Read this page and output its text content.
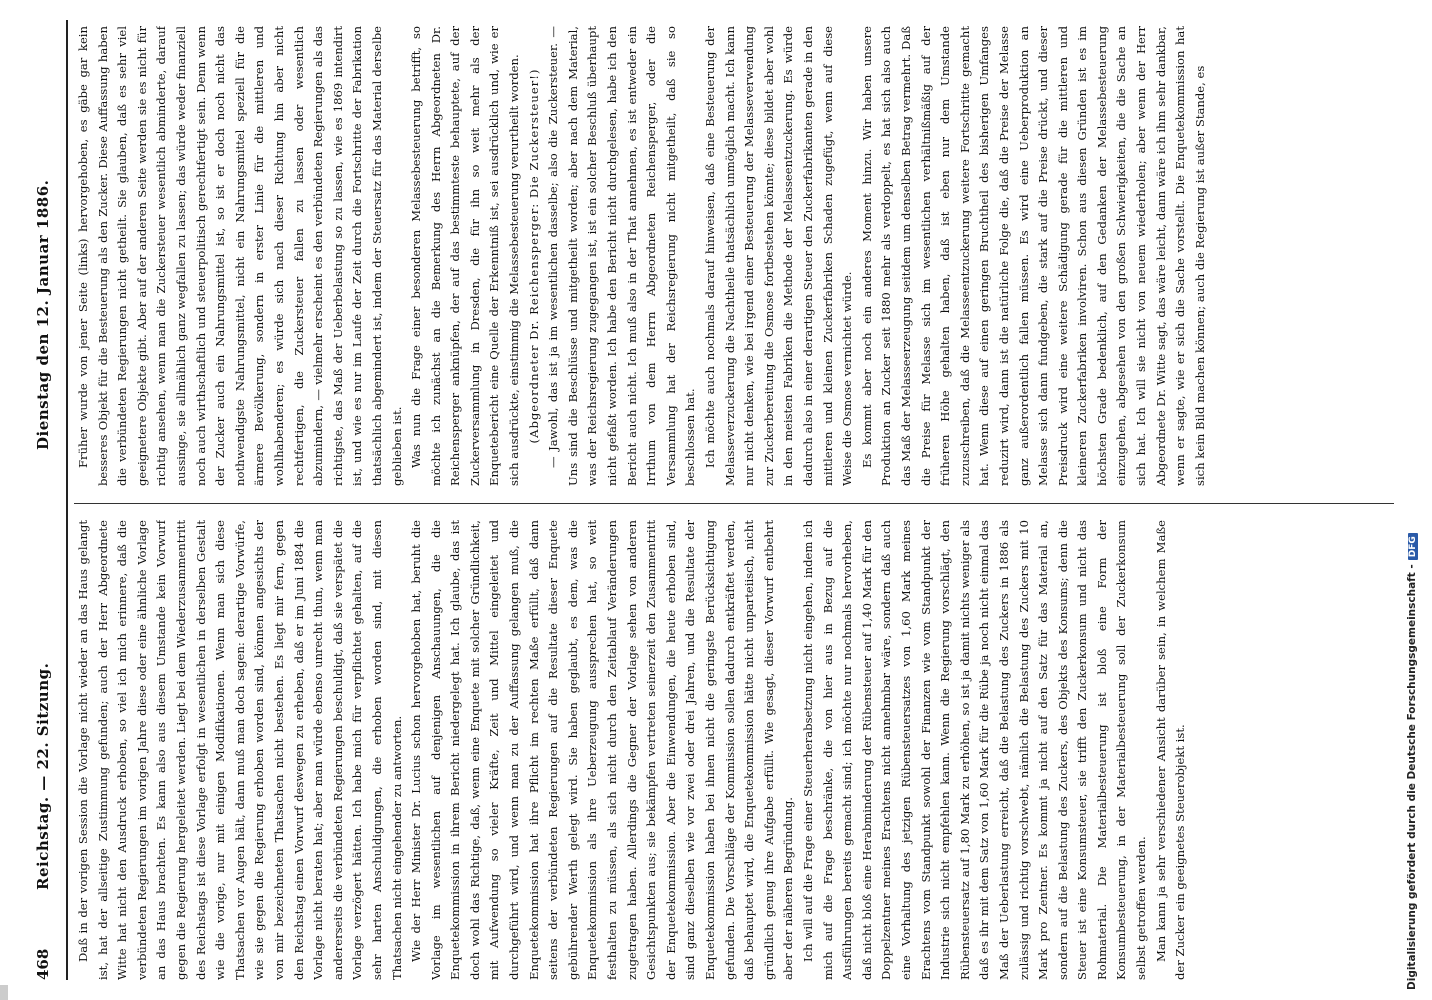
468
Reichstag. — 22. Sitzung.
Dienstag den 12. Januar 1886.

Daß in der vorigen Session die Vorlage nicht wieder an das Haus gelangt ist, hat der allseitige Zustimmung gefunden; auch der Herr Abgeordnete Witte hat nicht den Ausdruck erhoben, so viel ich mich erinnere, daß die verbündeten Regierungen im vorigen Jahre diese oder eine ähnliche Vorlage an das Haus brachten. Es kann also aus diesem Umstande kein Vorwurf gegen die Regierung hergeleitet werden. Liegt bei dem Wiederzusammentritt des Reichstags ist diese Vorlage erfolgt in wesentlichen in derselben Gestalt wie die vorige, nur mit einigen Modifikationen. Wenn man sich diese Thatsachen vor Augen hält, dann muß man doch sagen: derartige Vorwürfe, wie sie gegen die Regierung erhoben worden sind, können angesichts der von mir bezeichneten Thatsachen nicht bestehen. Es liegt mir fern, gegen den Reichstag einen Vorwurf deswegen zu erheben, daß er im Juni 1884 die Vorlage nicht beraten hat; aber man würde ebenso unrecht thun, wenn man andererseits die verbündeten Regierungen beschuldigt, daß sie verspätet die Vorlage verzögert hätten. Ich habe mich für verpflichtet gehalten, auf die sehr harten Anschuldigungen, die erhoben worden sind, mit diesen Thatsachen nicht eingehender zu antworten. Wie der Herr Minister Dr. Lucius schon hervorgehoben hat, beruht die Vorlage im wesentlichen auf denjenigen Anschauungen, die die Enquetekommission in ihrem Bericht niedergelegt hat. Ich glaube, das ist doch wohl das Richtige, daß, wenn eine Enquete mit solcher Gründlichkeit, mit Aufwendung so vieler Kräfte, Zeit und Mittel eingeleitet und durchgeführt wird, und wenn man zu der Auffassung gelangen muß, die Enquetekommission hat ihre Pflicht im rechten Maße erfüllt, daß dann seitens der verbündeten Regierungen auf die Resultate dieser Enquete gebührender Werth gelegt wird. Sie haben geglaubt, es dem, was die Enquetekommission als ihre Ueberzeugung aussprechen hat, so weit festhalten zu müssen, als sich nicht durch den Zeitablauf Veränderungen zugetragen haben. Allerdings die Gegner der Vorlage sehen von anderen Gesichtspunkten aus; sie bekämpfen vertreten seinerzeit den Zusammentritt der Enquetekommission. Aber die Einwendungen, die heute erhoben sind, sind ganz dieselben wie vor zwei oder drei Jahren, und die Resultate der Enquetekommission haben bei ihnen nicht die geringste Berücksichtigung gefunden. Die Vorschläge der Kommission sollen dadurch entkräftet werden, daß behauptet wird, die Enquetekommission hätte nicht unparteiisch, nicht gründlich genug ihre Aufgabe erfüllt. Wie gesagt, dieser Vorwurf entbehrt aber der näheren Begründung. Ich will auf die Frage einer Steuerherabsetzung nicht eingehen, indem ich mich auf die Frage beschränke, die von hier aus in Bezug auf die Ausführungen bereits gemacht sind; ich möchte nur nochmals hervorheben, daß nicht bloß eine Herabminderung der Rübensteuer auf 1,40 Mark für den Doppelzentner meines Erachtens nicht annehmbar wäre, sondern daß auch eine Vorhaltung des jetzigen Rübensteuersatzes von 1,60 Mark meines Erachtens vom Standpunkt sowohl der Finanzen wie vom Standpunkt der Industrie sich nicht empfehlen kann. Wenn die Regierung vorschlägt, den Rübensteuersatz auf 1,80 Mark zu erhöhen, so ist ja damit nichts weniger als daß es ihr mit dem Satz von 1,60 Mark für die Rübe ja noch nicht einmal das Maß der Ueberlastung erreicht, daß die Belastung des Zuckers in 1886 als zulässig und richtig vorschwebt, nämlich die Belastung des Zuckers mit 10 Mark pro Zentner. Es kommt ja nicht auf den Satz für das Material an, sondern auf die Belastung des Zuckers, des Objekts des Konsums; denn die Steuer ist eine Konsumsteuer, sie trifft den Zuckerkonsum und nicht das Rohmaterial. Die Materialbesteuerung ist bloß eine Form der Konsumbesteuerung, in der Materialbesteuerung soll der Zuckerkonsum selbst getroffen werden. Man kann ja sehr verschiedener Ansicht darüber sein, in welchem Maße der Zucker ein geeignetes Steuerobjekt ist.

Früher wurde von jener Seite (links) hervorgehoben, es gäbe gar kein besseres Objekt für die Besteuerung als den Zucker. Diese Auffassung haben die verbündeten Regierungen nicht getheilt. Sie glauben, daß es sehr viel geeignetere Objekte gibt. Aber auf der anderen Seite werden sie es nicht für richtig ansehen, wenn man die Zuckersteuer wesentlich abminderte, darauf aussinge, sie allmählich ganz wegfallen zu lassen; das würde weder finanziell noch auch wirthschaftlich und steuerpolitisch gerechtfertigt sein. Denn wenn der Zucker auch ein Nahrungsmittel ist, so ist er doch noch nicht das nothwendigste Nahrungsmittel, nicht ein Nahrungsmittel speziell für die ärmere Bevölkerung, sondern in erster Linie für die mittleren und wohlhabenderen; es würde sich nach dieser Richtung hin aber nicht rechtfertigen, die Zuckersteuer fallen zu lassen oder wesentlich abzumindern, — vielmehr erscheint es den verbündeten Regierungen als das richtigste, das Maß der Ueberbelastung so zu lassen, wie es 1869 intendirt ist, und wie es nur im Laufe der Zeit durch die Fortschritte der Fabrikation thatsächlich abgemindert ist, indem der Steuersatz für das Material derselbe geblieben ist. Was nun die Frage einer besonderen Melassebesteuerung betrifft, so möchte ich zunächst an die Bemerkung des Herrn Abgeordneten Dr. Reichensperger anknüpfen, der auf das bestimmteste behauptete, auf der Zuckerversammlung in Dresden, die für ihn so weit mehr als der Enquetebericht eine Quelle der Erkenntniß ist, sei ausdrücklich und, wie er sich ausdrückte, einstimmig die Melassebesteuerung verurtheilt worden. (Abgeordneter Dr. Reichensperger: Die Zuckersteuer!) — Jawohl, das ist ja im wesentlichen dasselbe; also die Zuckersteuer. — Uns sind die Beschlüsse und mitgetheilt worden; aber nach dem Material, was der Reichsregierung zugegangen ist, ist ein solcher Beschluß überhaupt nicht gefaßt worden. Ich habe den Bericht nicht durchgelesen, habe ich den Bericht auch nicht. Ich muß also in der That annehmen, es ist entweder ein Irrthum von dem Herrn Abgeordneten Reichensperger, oder die Versammlung hat der Reichsregierung nicht mitgetheilt, daß sie so beschlossen hat. Ich möchte auch nochmals darauf hinweisen, daß eine Besteuerung der Melasseverzuckerung die Nachtheile thatsächlich unmöglich macht. Ich kann nur nicht denken, wie bei irgend einer Besteuerung der Melasseverwendung zur Zuckerbereitung die Osmose fortbestehen könnte; diese bildet aber wohl in den meisten Fabriken die Methode der Melasseentzuckerung. Es würde dadurch also in einer derartigen Steuer den Zuckerfabrikanten gerade in den mittleren und kleinen Zuckerfabriken Schaden zugefügt, wenn auf diese Weise die Osmose vernichtet würde. Es kommt aber noch ein anderes Moment hinzu. Wir haben unsere Produktion an Zucker seit 1880 mehr als verdoppelt, es hat sich also auch das Maß der Melasseerzeugung seitdem um denselben Betrag vermehrt. Daß die Preise für Melasse sich im wesentlichen verhältnißmäßig auf der früheren Höhe gehalten haben, daß ist eben nur dem Umstande zuzuschreiben, daß die Melasseentzuckerung weitere Fortschritte gemacht hat. Wenn diese auf einen geringen Bruchtheil des bisherigen Umfanges reduzirt wird, dann ist die natürliche Folge die, daß die Preise der Melasse ganz außerordentlich fallen müssen. Es wird eine Ueberproduktion an Melasse sich dann fundgeben, die stark auf die Preise drückt, und dieser Preisdruck wird eine weitere Schädigung gerade für die mittleren und kleineren Zuckerfabriken involviren. Schon aus diesen Gründen ist es im höchsten Grade bedenklich, auf den Gedanken der Melassebesteuerung einzugehen, abgesehen von den großen Schwierigkeiten, die die Sache an sich hat. Ich will sie nicht von neuem wiederholen; aber wenn der Herr Abgeordnete Dr. Witte sagt, das wäre leicht, dann wäre ich ihm sehr dankbar, wenn er sagte, wie er sich die Sache vorstellt. Die Enquetekommission hat sich kein Bild machen können; auch die Regierung ist außer Stande, es

Digitalisierung gefördert durch die Deutsche Forschungsgemeinschaft -DFG
